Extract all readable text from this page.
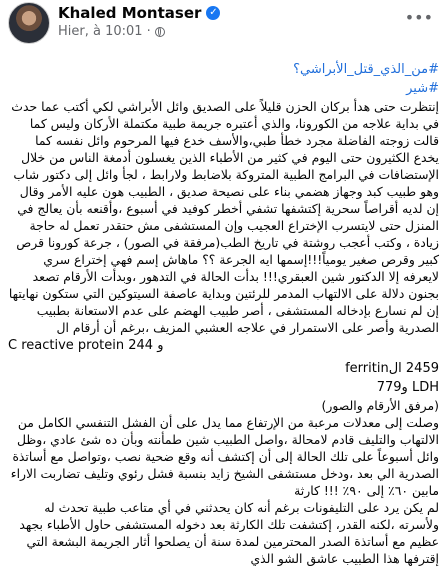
Khaled Montaser ✓
Hier, à 10:01 ·
•••

#من_الذي_قتل_الأبراشي؟

#شير

إنتظرت حتى هدأ بركان الحزن قليلاً على الصديق وائل الأبراشي لكي أكتب عما حدث في بداية علاجه من الكورونا، والذي أعتبره جريمة طبية مكتملة الأركان وليس كما قالت زوجته الفاضلة مجرد خطأ طبي،والأسف خدع فيها المرحوم وائل نفسه كما يخدع الكثيرون حتى اليوم في كثير من الأطباء الذين يغسلون أدمغة الناس من خلال الإستضافات في البرامج الطبية المتروكة بلاضابط ولارابط ، لجأ وائل إلى دكتور شاب وهو طبيب كبد وجهاز هضمي بناء على نصيحة صديق ، الطبيب هون عليه الأمر وقال إن لديه أقراصاً سحرية إكتشفها تشفي أخطر كوفيد في أسبوع ،وأقنعه بأن يعالج في المنزل حتى لايتسرب الإختراع العجيب وإن المستشفى مش حتقدر تعمل له حاجة زيادة ، وكتب أعجب روشتة في تاريخ الطب(مرفقة في الصور) ، جرعة كورونا قرص كبير وقرص صغير يومياً!!!إسمها ايه الجرعة ؟؟ ماهاش إسم فهي إختراع سري لايعرفه إلا الدكتور شين العبقري!!! بدأت الحالة في التدهور ،وبدأت الأرقام تصعد بجنون دلالة على الالتهاب المدمر للرئتين وبداية عاصفة السيتوكين التي ستكون نهايتها إن لم نسارع بإدخاله المستشفى ، أصر طبيب الهضم على عدم الاستعانة بطبيب الصدرية وأصر على الاستمرار في علاجه العشبي المزيف ،برغم أن أرقام ال

C reactive protein 244 و

2459 الferritin

LDH و779

(مرفق الأرقام والصور)

وصلت إلى معدلات مرعبة من الإرتفاع مما يدل على أن الفشل التنفسي الكامل من الالتهاب والتليف قادم لامحالة ،واصل الطبيب شين طمأنته وبأن ده شئ عادي ،وظل وائل أسبوعاً على تلك الحالة إلى أن إكتشف أنه وقع ضحية نصب ،وتواصل مع أساتذة الصدرية الي بعد ،ودخل مستشفى الشيخ زايد بنسبة فشل رئوي وتليف تضاربت الاراء مابين ٦٠٪ إلى ٩٠٪ !!! كارثة

لم يكن يرد على التليفونات برغم أنه كان يحدثني في أي متاعب طبية تحدث له ولأسرته ،لكنه القدر، إكتشفت تلك الكارثة بعد دخوله المستشفى حاول الأطباء بجهد عظيم مع أساتذة الصدر المحترمين لمدة سنة أن يصلحوا أثار الجريمة البشعة التي إقترفها هذا الطبيب عاشق الشو الذي
